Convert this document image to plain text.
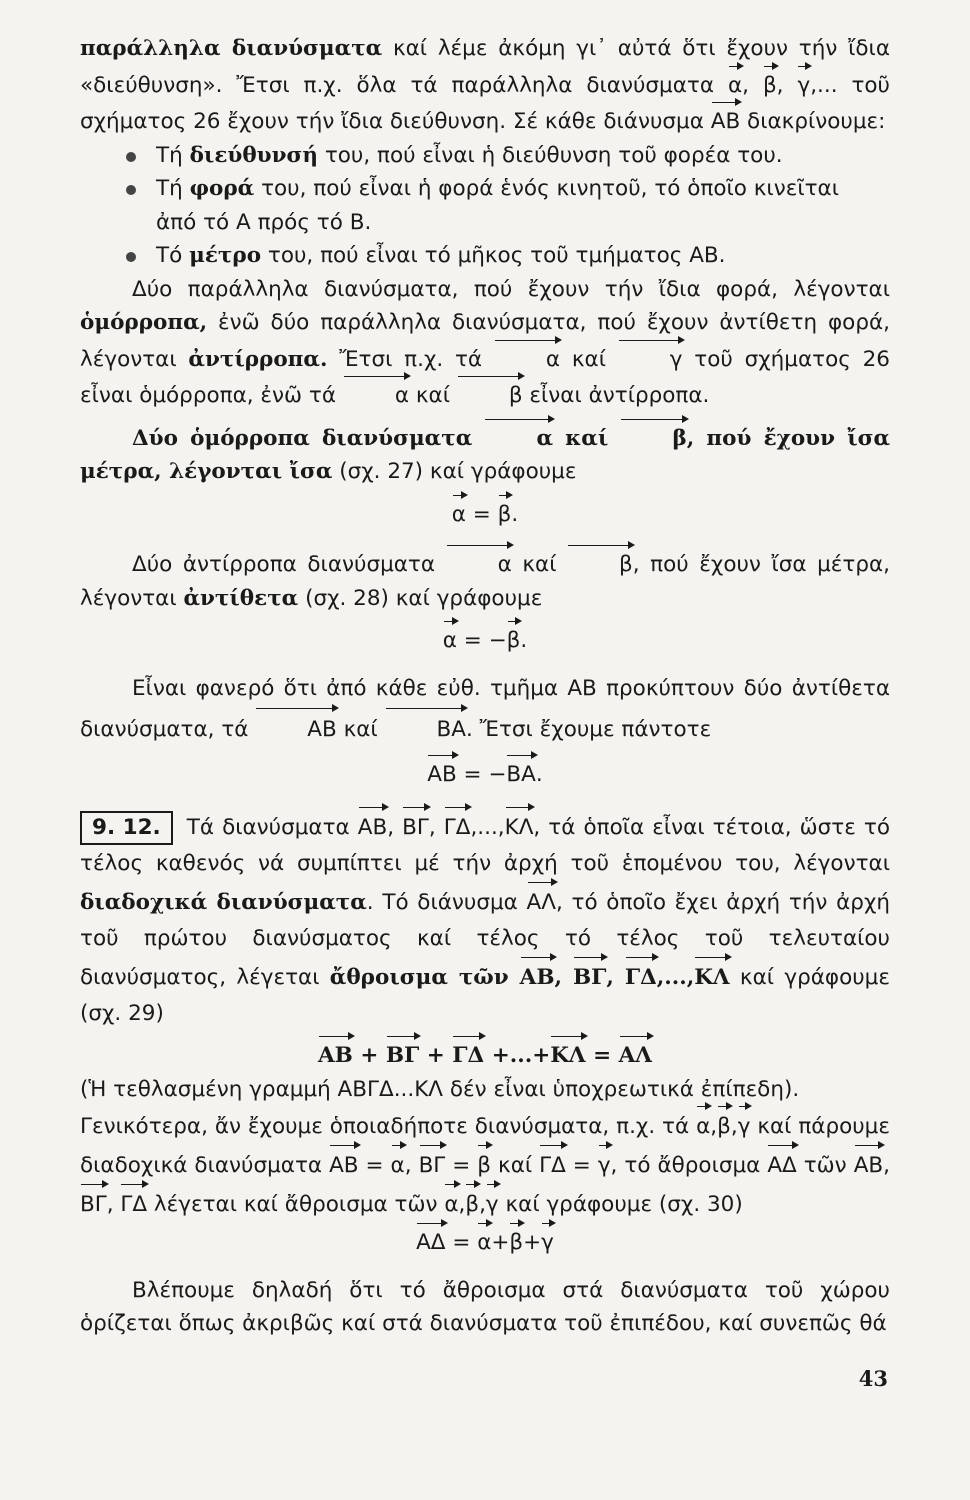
παράλληλα διανύσματα καί λέμε ἀκόμη γι᾿ αὐτά ὅτι ἔχουν τήν ἴδια «διεύθυνση». Ἔτσι π.χ. ὅλα τά παράλληλα διανύσματα α, β, γ,... τοῦ σχήματος 26 ἔχουν τήν ἴδια διεύθυνση. Σέ κάθε διάνυσμα ΑΒ διακρίνουμε:

Τή διεύθυνσή του, πού εἶναι ἡ διεύθυνση τοῦ φορέα του.

Τή φορά του, πού εἶναι ἡ φορά ἑνός κινητοῦ, τό ὁποῖο κινεῖται

ἀπό τό Α πρός τό Β.

Τό μέτρο του, πού εἶναι τό μῆκος τοῦ τμήματος ΑΒ.

Δύο παράλληλα διανύσματα, πού ἔχουν τήν ἴδια φορά, λέγονται ὁμόρροπα, ἐνῶ δύο παράλληλα διανύσματα, πού ἔχουν ἀντίθετη φορά, λέγονται ἀντίρροπα. Ἔτσι π.χ. τά α καί γ τοῦ σχήματος 26 εἶναι ὁμόρροπα, ἐνῶ τά α καί β εἶναι ἀντίρροπα.

Δύο ὁμόρροπα διανύσματα α καί β, πού ἔχουν ἴσα μέτρα, λέγονται ἴσα (σχ. 27) καί γράφουμε

α = β.

Δύο ἀντίρροπα διανύσματα α καί β, πού ἔχουν ἴσα μέτρα, λέγονται ἀντίθετα (σχ. 28) καί γράφουμε

α = −β.

Εἶναι φανερό ὅτι ἀπό κάθε εὐθ. τμῆμα ΑΒ προκύπτουν δύο ἀντίθετα διανύσματα, τά ΑΒ καί ΒΑ. Ἔτσι ἔχουμε πάντοτε

ΑΒ = −ΒΑ.

9. 12. Τά διανύσματα ΑΒ, ΒΓ, ΓΔ,...,ΚΛ, τά ὁποῖα εἶναι τέτοια, ὥστε τό τέλος καθενός νά συμπίπτει μέ τήν ἀρχή τοῦ ἑπομένου του, λέγονται διαδοχικά διανύσματα. Τό διάνυσμα ΑΛ, τό ὁποῖο ἔχει ἀρχή τήν ἀρχή τοῦ πρώτου διανύσματος καί τέλος τό τέλος τοῦ τελευταίου διανύσματος, λέγεται ἄθροισμα τῶν ΑΒ, ΒΓ, ΓΔ,...,ΚΛ καί γράφουμε (σχ. 29)

ΑΒ + ΒΓ + ΓΔ +...+ΚΛ = ΑΛ

(Ἡ τεθλασμένη γραμμή ΑΒΓΔ...ΚΛ δέν εἶναι ὑποχρεωτικά ἐπίπεδη).

Γενικότερα, ἄν ἔχουμε ὁποιαδήποτε διανύσματα, π.χ. τά α,β,γ καί πάρουμε διαδοχικά διανύσματα ΑΒ = α, ΒΓ = β καί ΓΔ = γ, τό ἄθροισμα ΑΔ τῶν ΑΒ, ΒΓ, ΓΔ λέγεται καί ἄθροισμα τῶν α,β,γ καί γράφουμε (σχ. 30)

ΑΔ = α+β+γ

Βλέπουμε δηλαδή ὅτι τό ἄθροισμα στά διανύσματα τοῦ χώρου ὁρίζεται ὅπως ἀκριβῶς καί στά διανύσματα τοῦ ἐπιπέδου, καί συνεπῶς θά

43
